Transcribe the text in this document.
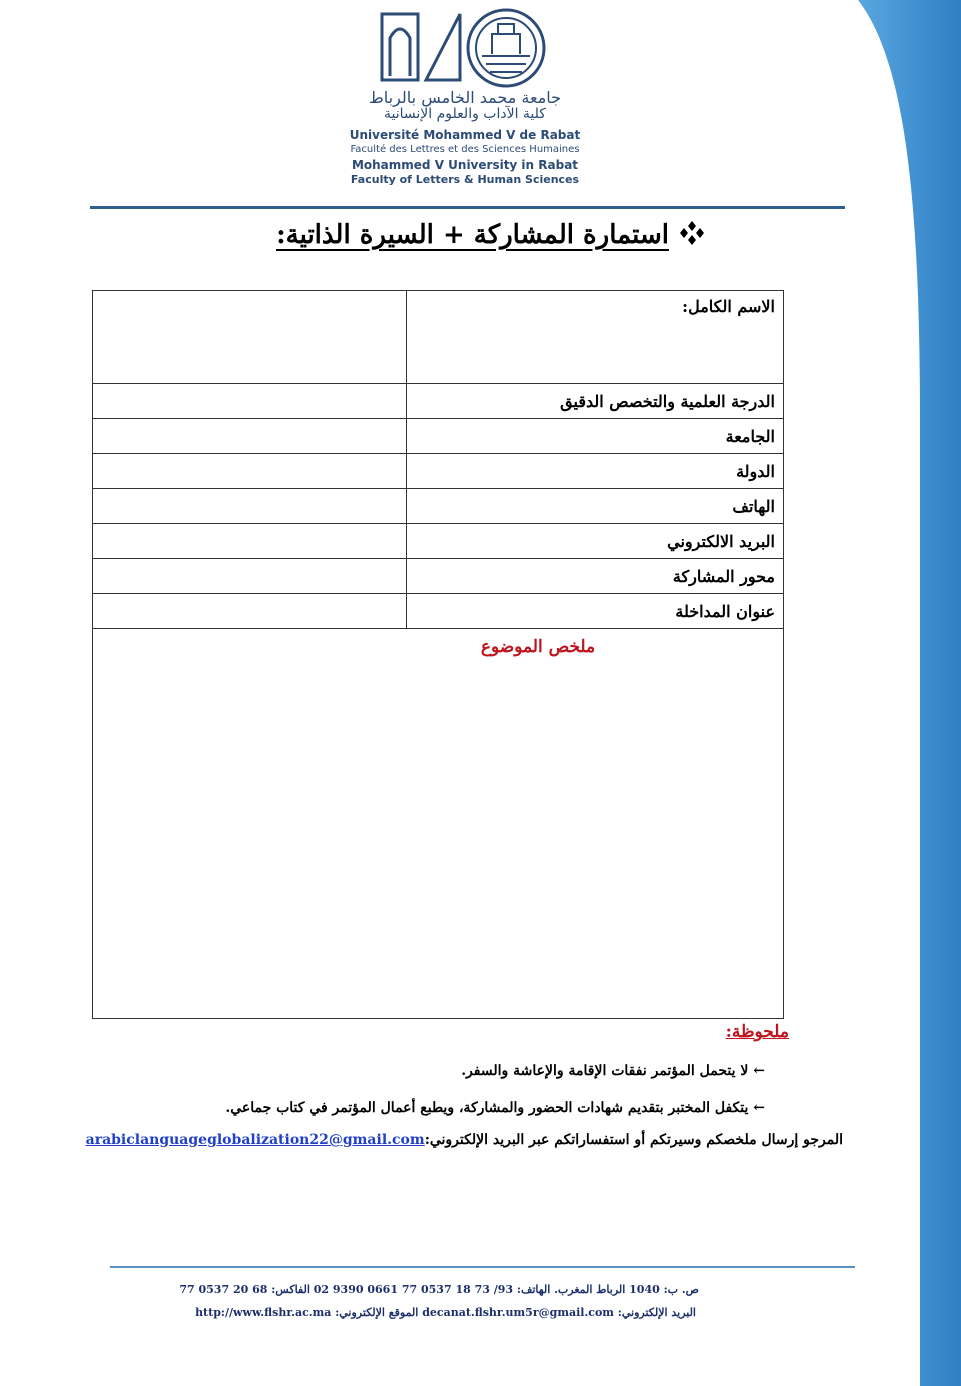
جامعة محمد الخامس بالرباط
كلية الآداب والعلوم الإنسانية
Université Mohammed V de Rabat
Faculté des Lettres et des Sciences Humaines
Mohammed V University in Rabat
Faculty of Letters & Human Sciences
استمارة المشاركة + السيرة الذاتية:
الاسم الكامل:	
الدرجة العلمية والتخصص الدقيق	
الجامعة	
الدولة	
الهاتف	
البريد الالكتروني	
محور المشاركة	
عنوان المداخلة	
ملخص الموضوع	
ملحوظة:
← لا يتحمل المؤتمر نفقات الإقامة والإعاشة والسفر.
← يتكفل المختبر بتقديم شهادات الحضور والمشاركة، ويطبع أعمال المؤتمر في كتاب جماعي.
المرجو إرسال ملخصكم وسيرتكم أو استفساراتكم عبر البريد الإلكتروني:arabiclanguageglobalization22@gmail.com
ص. ب: 1040 الرباط المغرب. الهاتف: 93/ 73 18 0537 77 0661 9390 02 الفاكس: 68 20 0537 77
البريد الإلكتروني: decanat.flshr.um5r@gmail.com الموقع الإلكتروني: http://www.flshr.ac.ma
